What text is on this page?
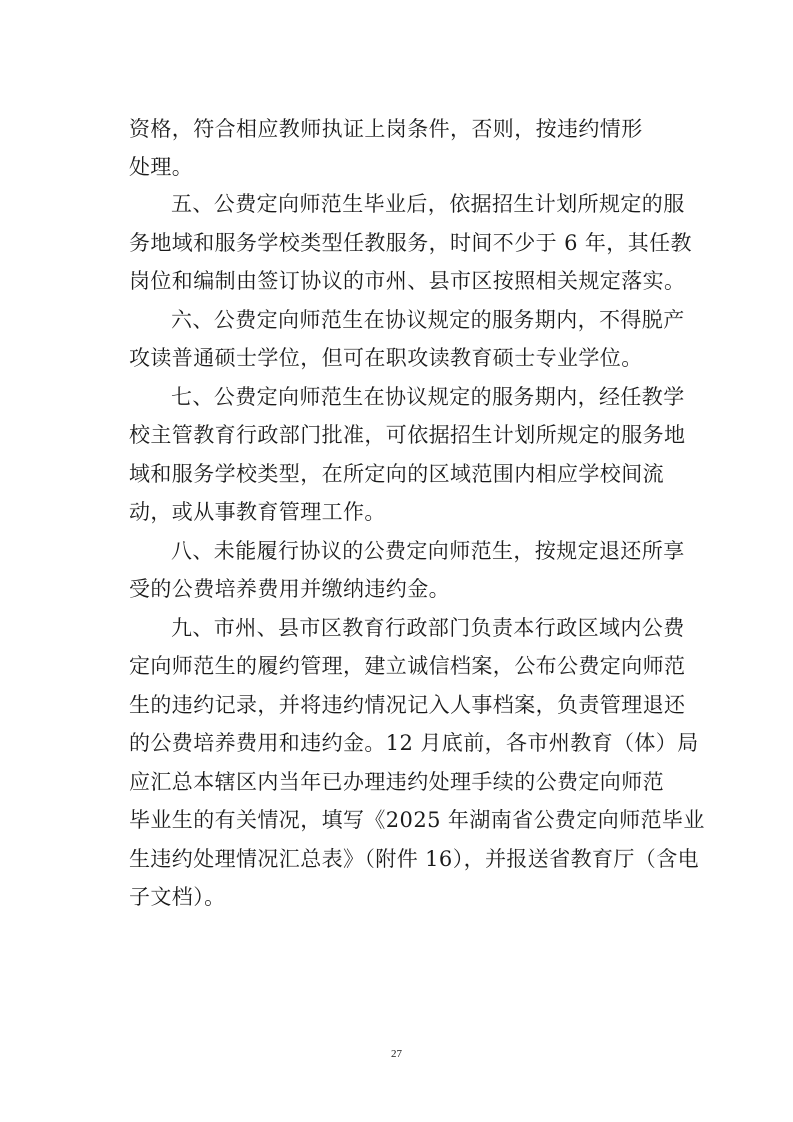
资格，符合相应教师执证上岗条件，否则，按违约情形
处理。
五、公费定向师范生毕业后，依据招生计划所规定的服
务地域和服务学校类型任教服务，时间不少于 6 年，其任教
岗位和编制由签订协议的市州、县市区按照相关规定落实。
六、公费定向师范生在协议规定的服务期内，不得脱产
攻读普通硕士学位，但可在职攻读教育硕士专业学位。
七、公费定向师范生在协议规定的服务期内，经任教学
校主管教育行政部门批准，可依据招生计划所规定的服务地
域和服务学校类型，在所定向的区域范围内相应学校间流
动，或从事教育管理工作。
八、未能履行协议的公费定向师范生，按规定退还所享
受的公费培养费用并缴纳违约金。
九、市州、县市区教育行政部门负责本行政区域内公费
定向师范生的履约管理，建立诚信档案，公布公费定向师范
生的违约记录，并将违约情况记入人事档案，负责管理退还
的公费培养费用和违约金。12 月底前，各市州教育（体）局
应汇总本辖区内当年已办理违约处理手续的公费定向师范
毕业生的有关情况，填写《2025 年湖南省公费定向师范毕业
生违约处理情况汇总表》（附件 16），并报送省教育厅（含电
子文档）。
27
